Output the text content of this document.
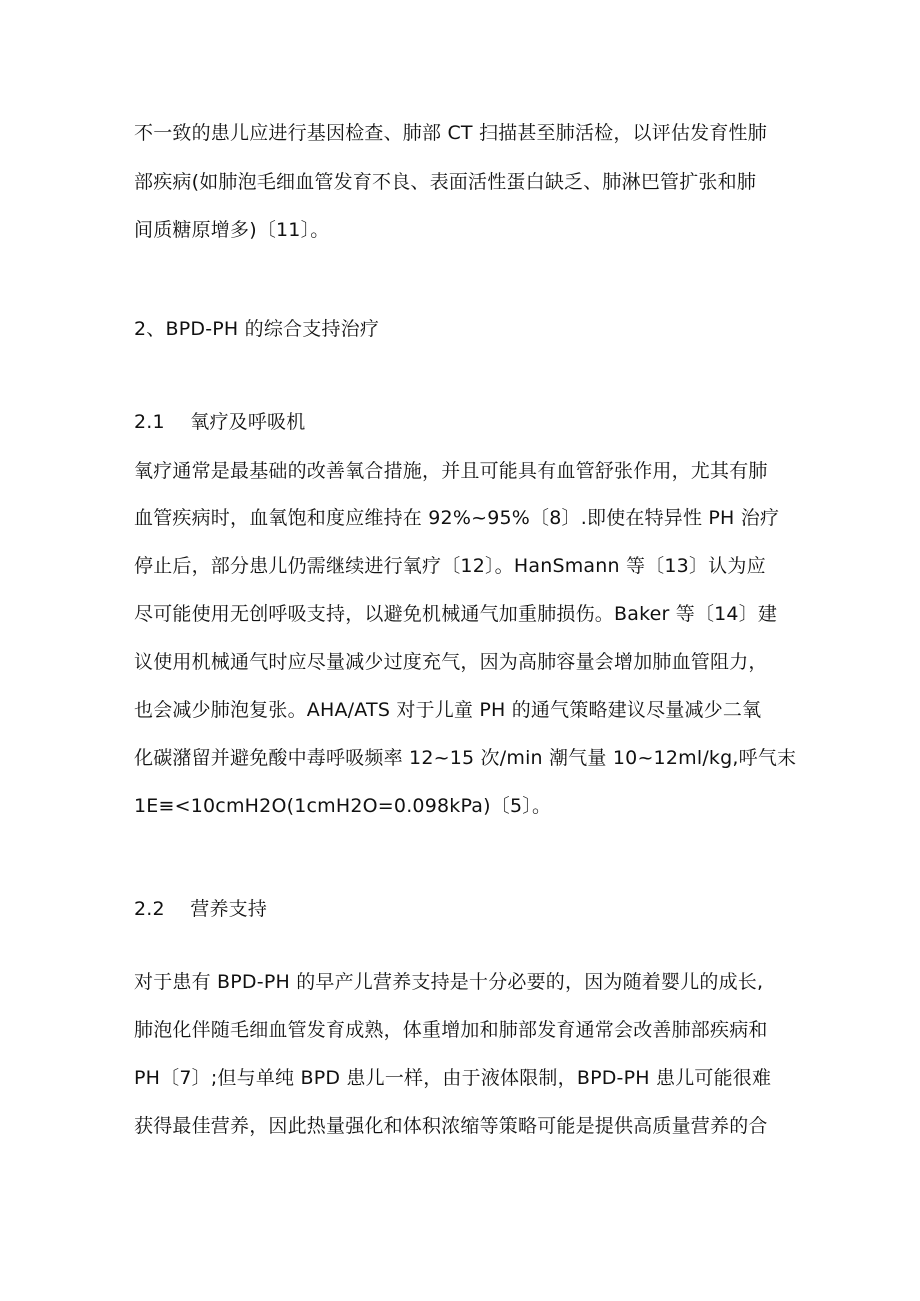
不一致的患儿应进行基因检查、肺部 CT 扫描甚至肺活检，以评估发育性肺
部疾病(如肺泡毛细血管发育不良、表面活性蛋白缺乏、肺淋巴管扩张和肺
间质糖原增多)〔11〕。
2、BPD-PH 的综合支持治疗
2.1　 氧疗及呼吸机
氧疗通常是最基础的改善氧合措施，并且可能具有血管舒张作用，尤其有肺
血管疾病时，血氧饱和度应维持在 92%~95%〔8〕.即使在特异性 PH 治疗
停止后，部分患儿仍需继续进行氧疗〔12〕。HanSmann 等〔13〕认为应
尽可能使用无创呼吸支持，以避免机械通气加重肺损伤。Baker 等〔14〕建
议使用机械通气时应尽量减少过度充气，因为高肺容量会增加肺血管阻力，
也会减少肺泡复张。AHA/ATS 对于儿童 PH 的通气策略建议尽量减少二氧
化碳潴留并避免酸中毒呼吸频率 12~15 次/min 潮气量 10~12ml/kg,呼气末
1E≡<10cmH2O(1cmH2O=0.098kPa)〔5〕。
2.2　 营养支持
对于患有 BPD-PH 的早产儿营养支持是十分必要的，因为随着婴儿的成长,
肺泡化伴随毛细血管发育成熟，体重增加和肺部发育通常会改善肺部疾病和
PH〔7〕;但与单纯 BPD 患儿一样，由于液体限制，BPD-PH 患儿可能很难
获得最佳营养，因此热量强化和体积浓缩等策略可能是提供高质量营养的合
